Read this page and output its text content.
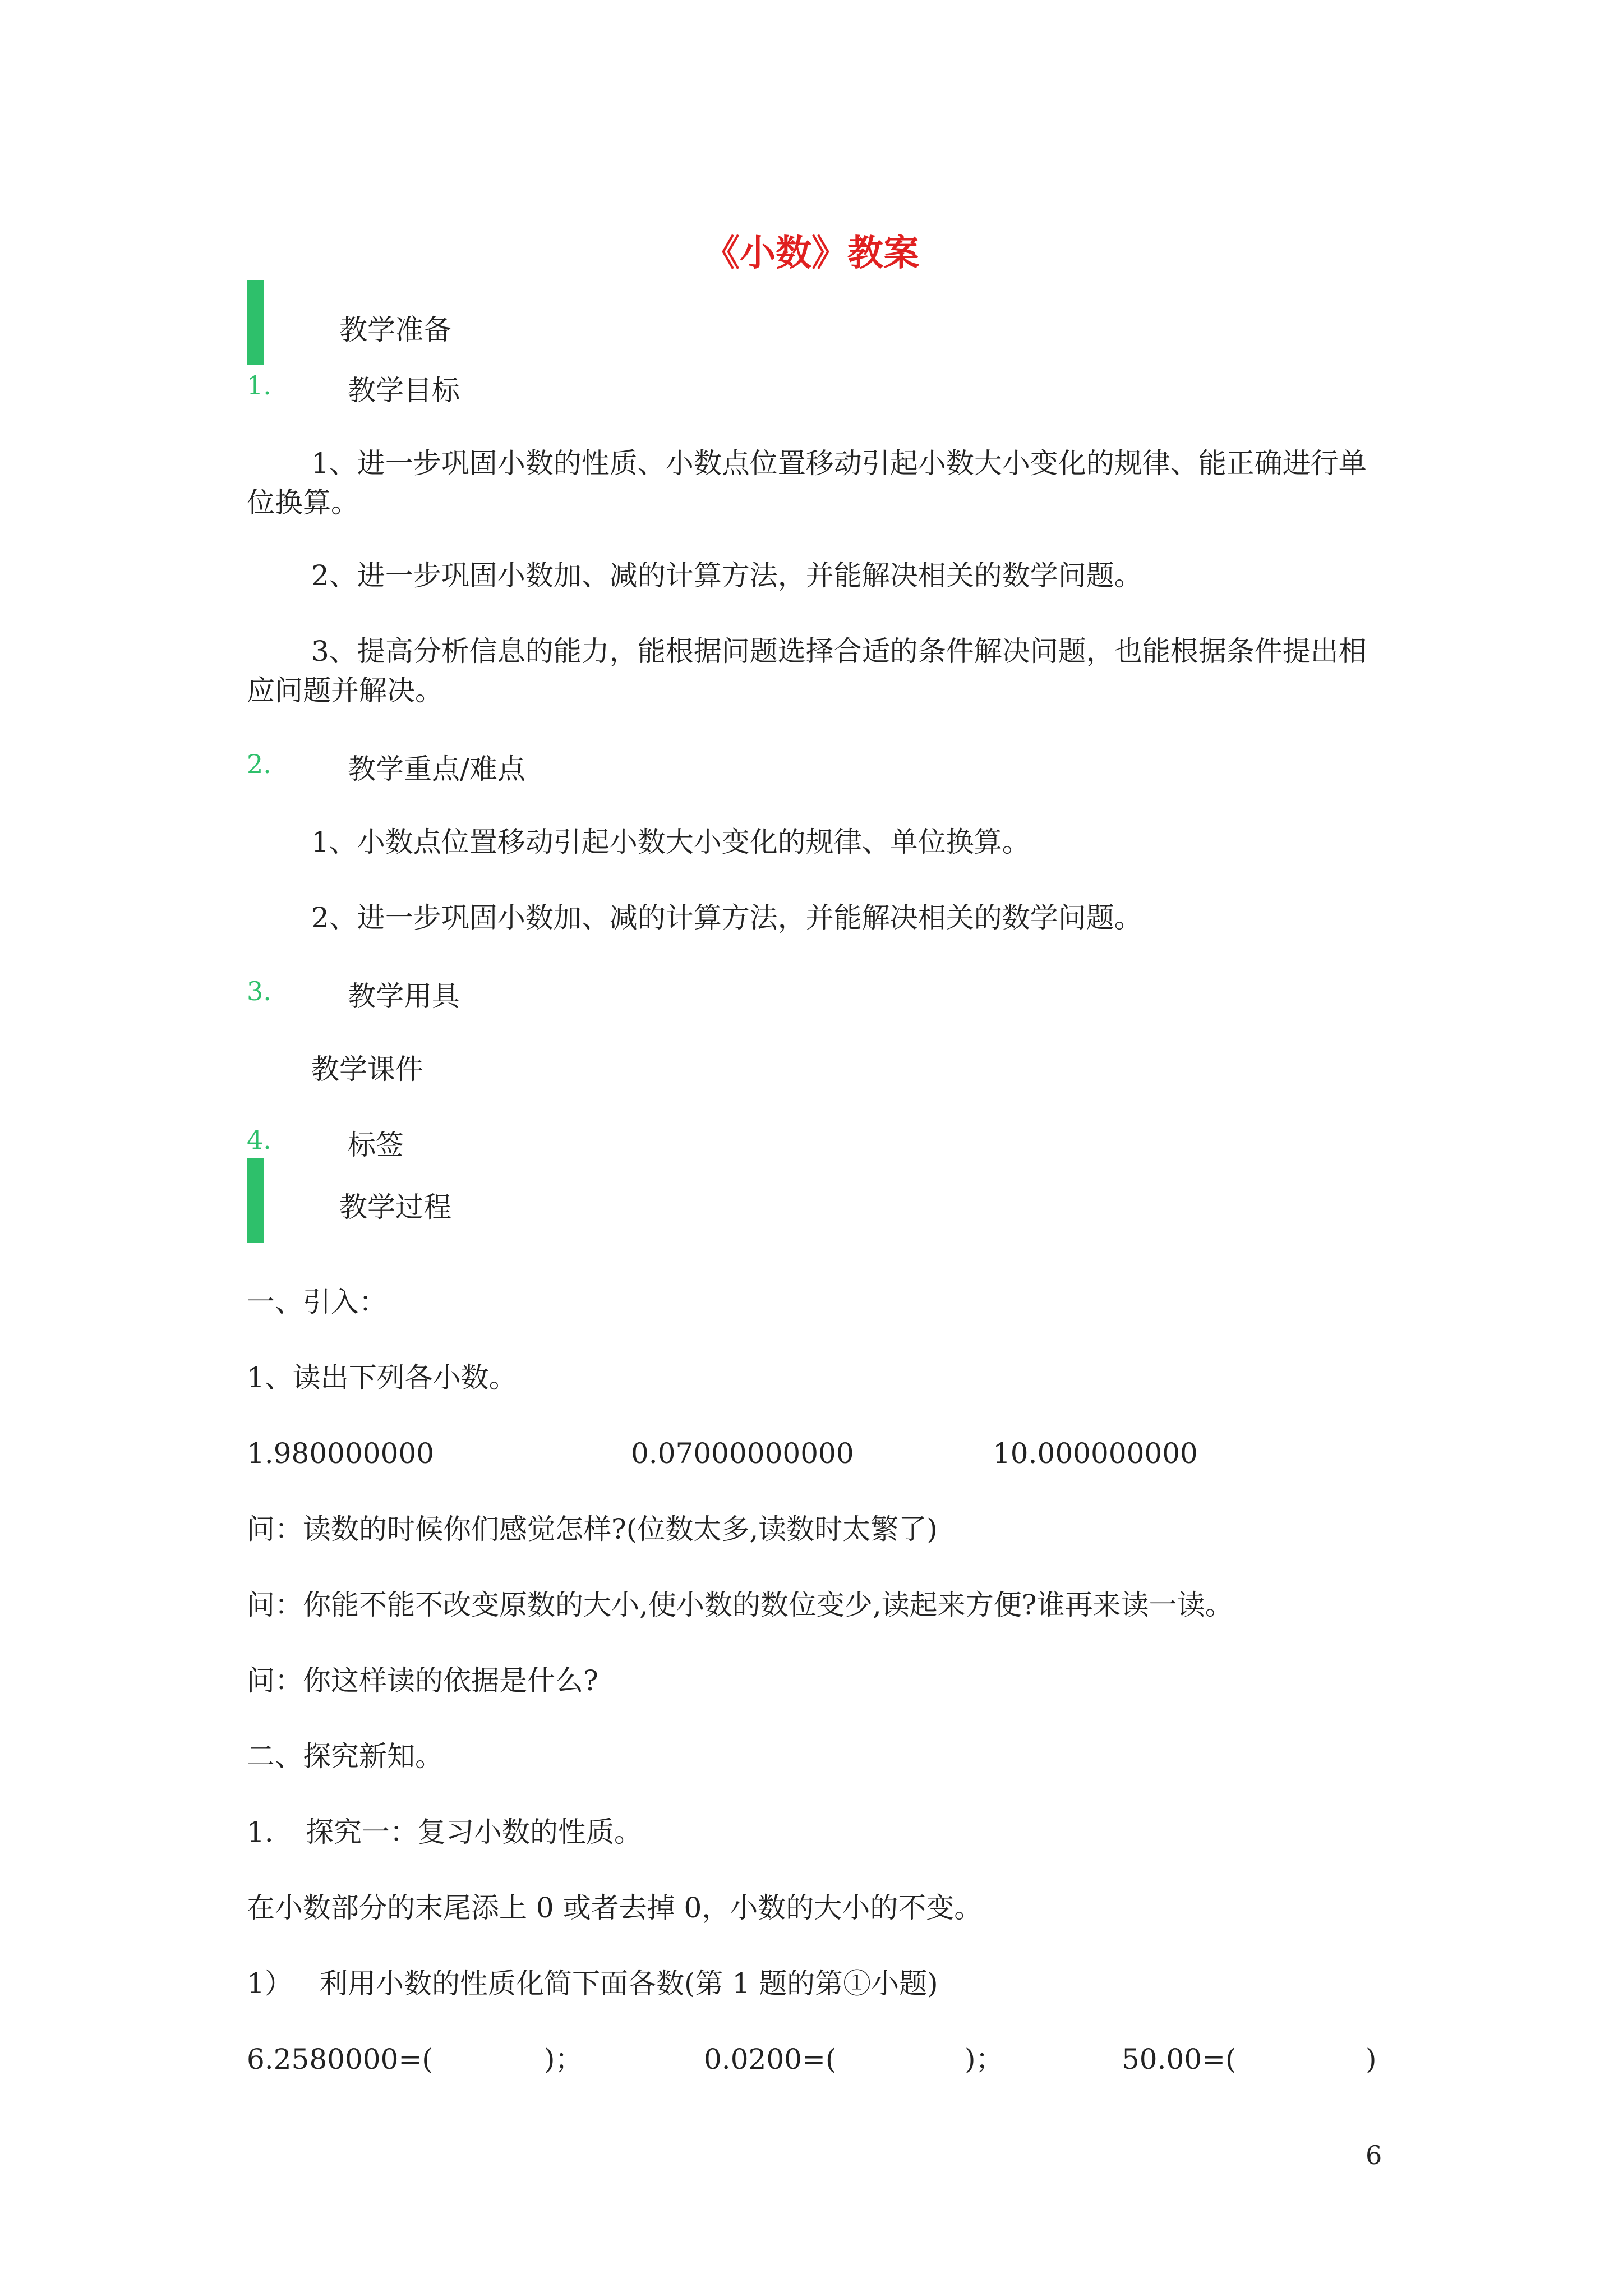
《小数》教案
教学准备
1.	教学目标
1、进一步巩固小数的性质、小数点位置移动引起小数大小变化的规律、能正确进行单
位换算。
2、进一步巩固小数加、减的计算方法，并能解决相关的数学问题。
3、提高分析信息的能力，能根据问题选择合适的条件解决问题，也能根据条件提出相
应问题并解决。
2.	教学重点/难点
1、小数点位置移动引起小数大小变化的规律、单位换算。
2、进一步巩固小数加、减的计算方法，并能解决相关的数学问题。
3.	教学用具
教学课件
4.	标签
教学过程
一、引入：
1、读出下列各小数。
1.980000000	0.07000000000	10.000000000
问：读数的时候你们感觉怎样?(位数太多,读数时太繁了)
问：你能不能不改变原数的大小,使小数的数位变少,读起来方便?谁再来读一读。
问：你这样读的依据是什么?
二、探究新知。
1. 探究一：复习小数的性质。
在小数部分的末尾添上 0 或者去掉 0，小数的大小的不变。
1） 利用小数的性质化简下面各数(第 1 题的第①小题)
6.2580000=(	)；	0.0200=(	)；	50.00=(	)
6
